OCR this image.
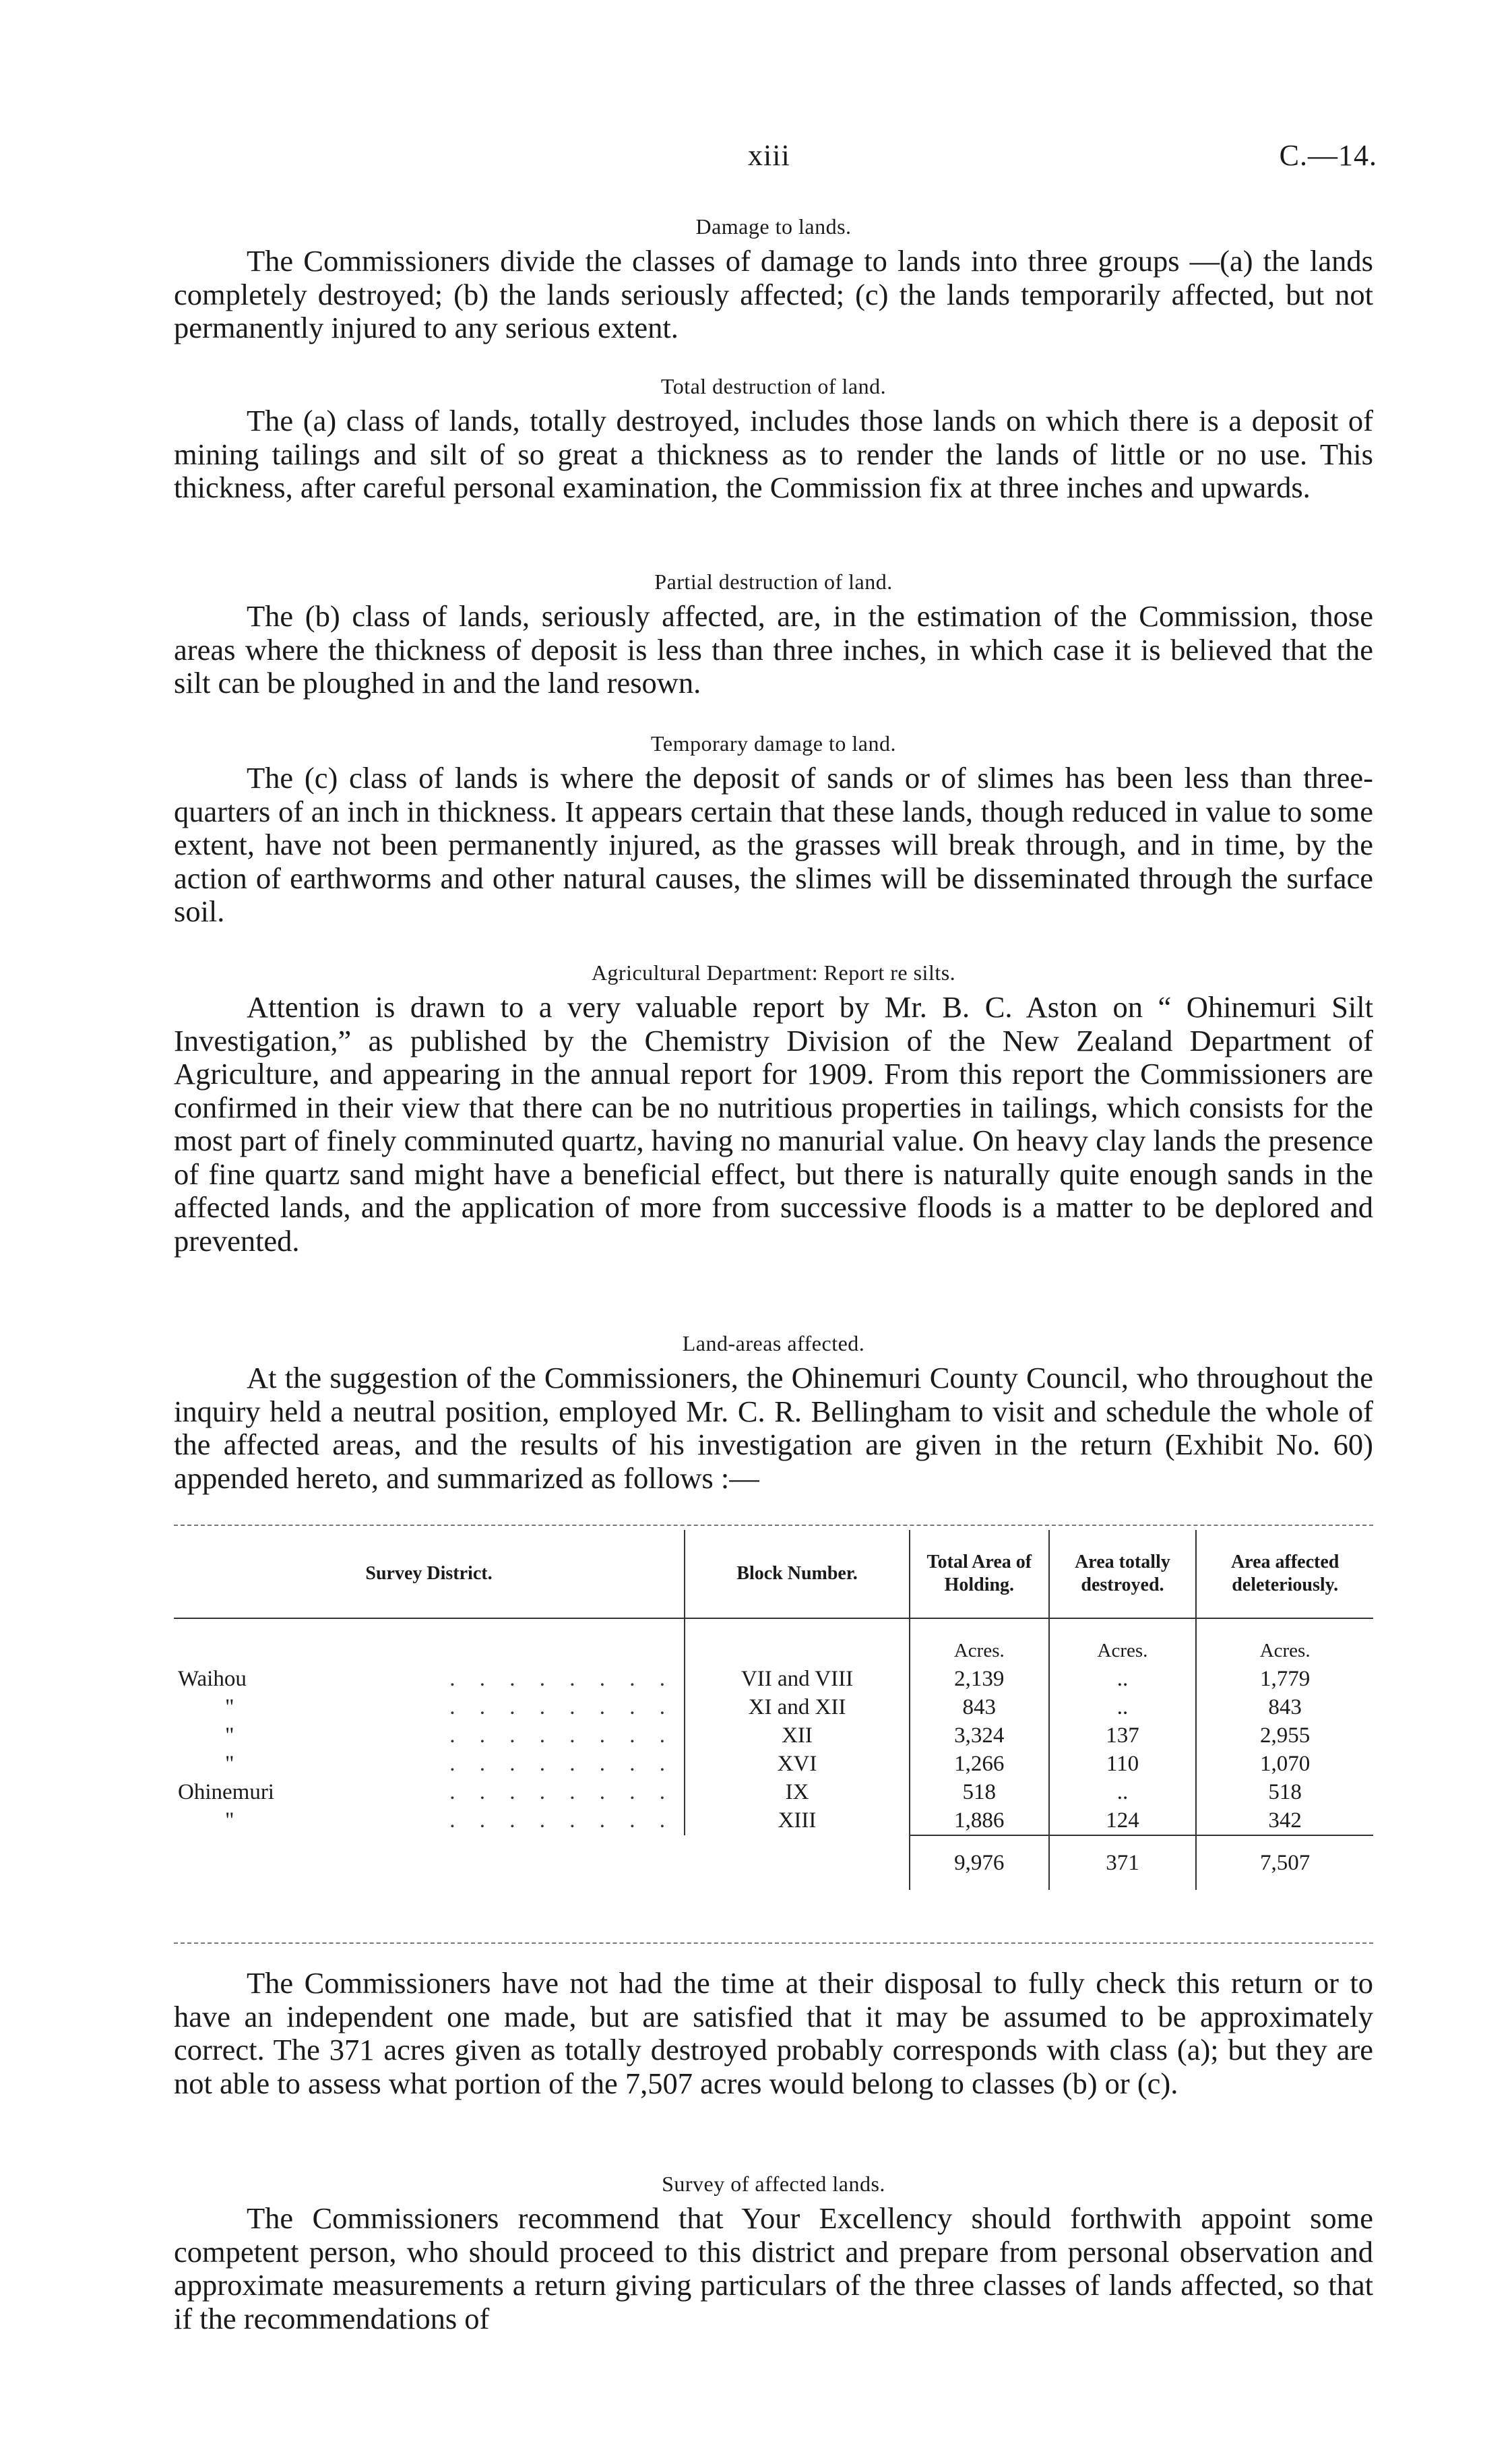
xiii	C.—14.

Damage to lands.

The Commissioners divide the classes of damage to lands into three groups —(a) the lands completely destroyed; (b) the lands seriously affected; (c) the lands temporarily affected, but not permanently injured to any serious extent.

Total destruction of land.

The (a) class of lands, totally destroyed, includes those lands on which there is a deposit of mining tailings and silt of so great a thickness as to render the lands of little or no use. This thickness, after careful personal examination, the Commission fix at three inches and upwards.

Partial destruction of land.

The (b) class of lands, seriously affected, are, in the estimation of the Commission, those areas where the thickness of deposit is less than three inches, in which case it is believed that the silt can be ploughed in and the land resown.

Temporary damage to land.

The (c) class of lands is where the deposit of sands or of slimes has been less than three-quarters of an inch in thickness. It appears certain that these lands, though reduced in value to some extent, have not been permanently injured, as the grasses will break through, and in time, by the action of earthworms and other natural causes, the slimes will be disseminated through the surface soil.

Agricultural Department: Report re silts.

Attention is drawn to a very valuable report by Mr. B. C. Aston on “ Ohinemuri Silt Investigation,” as published by the Chemistry Division of the New Zealand Department of Agriculture, and appearing in the annual report for 1909. From this report the Commissioners are confirmed in their view that there can be no nutritious properties in tailings, which consists for the most part of finely comminuted quartz, having no manurial value. On heavy clay lands the presence of fine quartz sand might have a beneficial effect, but there is naturally quite enough sands in the affected lands, and the application of more from successive floods is a matter to be deplored and prevented.

Land-areas affected.

At the suggestion of the Commissioners, the Ohinemuri County Council, who throughout the inquiry held a neutral position, employed Mr. C. R. Bellingham to visit and schedule the whole of the affected areas, and the results of his investigation are given in the return (Exhibit No. 60) appended hereto, and summarized as follows :—

Survey District.	Block Number.	Total Area of Holding.	Area totally destroyed.	Area affected deleteriously.
		Acres.	Acres.	Acres.
Waihou . . . . . . . .	VII and VIII	2,139	..	1,779
" . . . . . . . .	XI and XII	843	..	843
" . . . . . . . .	XII	3,324	137	2,955
" . . . . . . . .	XVI	1,266	110	1,070
Ohinemuri . . . . . . . .	IX	518	..	518
" . . . . . . . .	XIII	1,886	124	342
		9,976	371	7,507

The Commissioners have not had the time at their disposal to fully check this return or to have an independent one made, but are satisfied that it may be assumed to be approximately correct. The 371 acres given as totally destroyed probably corresponds with class (a); but they are not able to assess what portion of the 7,507 acres would belong to classes (b) or (c).

Survey of affected lands.

The Commissioners recommend that Your Excellency should forthwith appoint some competent person, who should proceed to this district and prepare from personal observation and approximate measurements a return giving particulars of the three classes of lands affected, so that if the recommendations of
